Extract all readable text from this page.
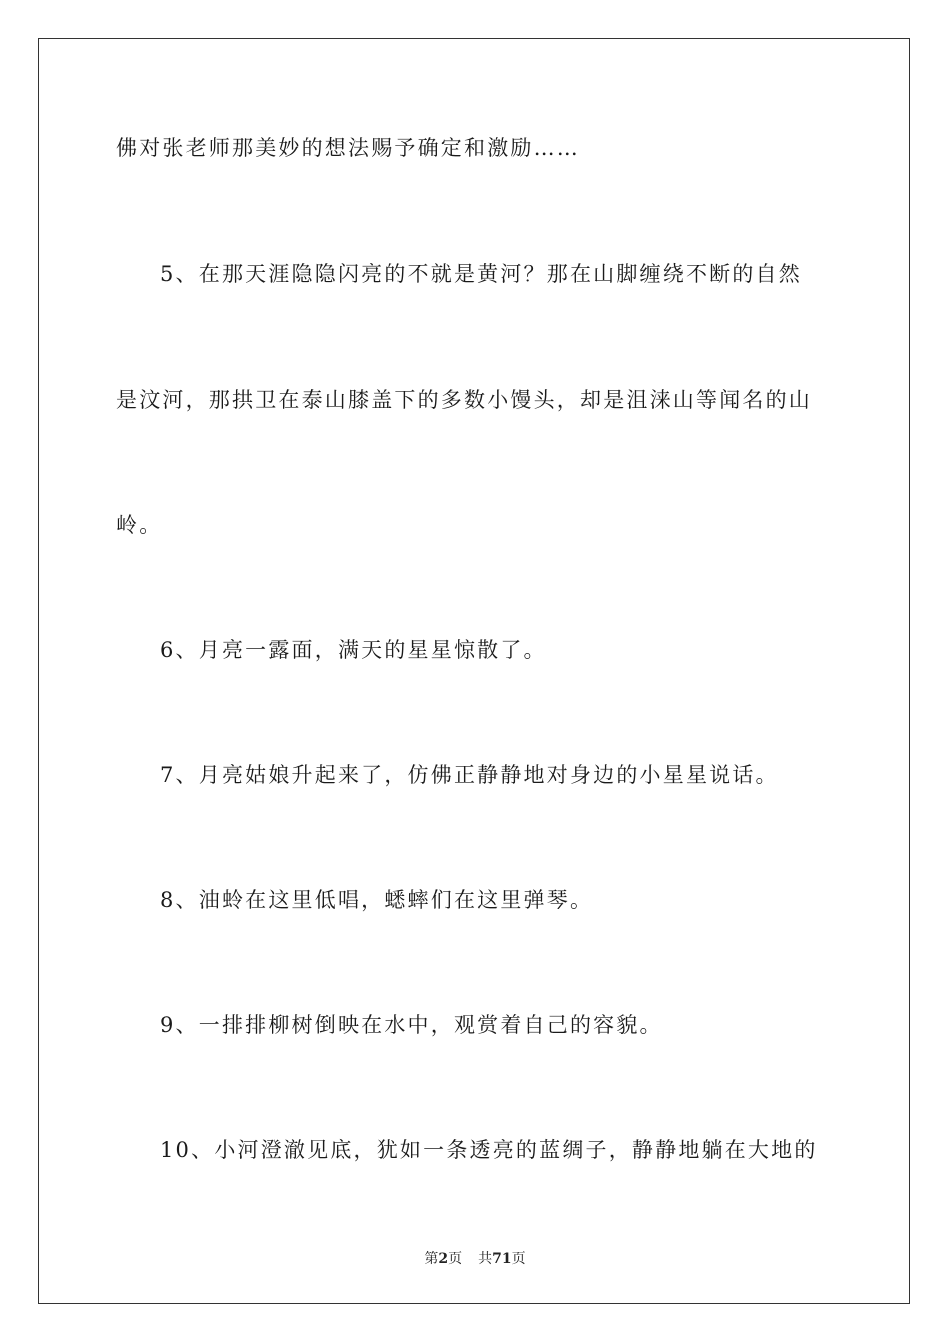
佛对张老师那美妙的想法赐予确定和激励……
5、在那天涯隐隐闪亮的不就是黄河？那在山脚缠绕不断的自然
是汶河，那拱卫在泰山膝盖下的多数小馒头，却是沮涞山等闻名的山
岭。
6、月亮一露面，满天的星星惊散了。
7、月亮姑娘升起来了，仿佛正静静地对身边的小星星说话。
8、油蛉在这里低唱，蟋蟀们在这里弹琴。
9、一排排柳树倒映在水中，观赏着自己的容貌。
10、小河澄澈见底，犹如一条透亮的蓝绸子，静静地躺在大地的
第2页 共71页
